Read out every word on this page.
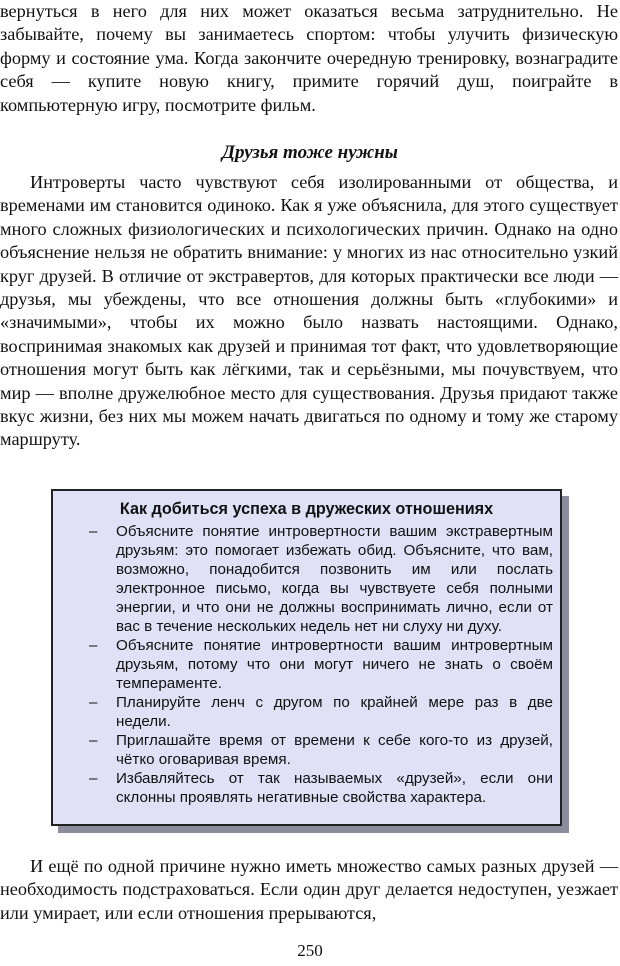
вернуться в него для них может оказаться весьма затруднительно. Не забывайте, почему вы занимаетесь спортом: чтобы улучить физическую форму и состояние ума. Когда закончите очередную тренировку, вознаградите себя — купите новую книгу, примите горячий душ, поиграйте в компьютерную игру, посмотрите фильм.

Друзья тоже нужны

Интроверты часто чувствуют себя изолированными от общества, и временами им становится одиноко. Как я уже объяснила, для этого существует много сложных физиологических и психологических причин. Однако на одно объяснение нельзя не обратить внимание: у многих из нас относительно узкий круг друзей. В отличие от экстравертов, для которых практически все люди — друзья, мы убеждены, что все отношения должны быть «глубокими» и «значимыми», чтобы их можно было назвать настоящими. Однако, воспринимая знакомых как друзей и принимая тот факт, что удовлетворяющие отношения могут быть как лёгкими, так и серьёзными, мы почувствуем, что мир — вполне дружелюбное место для существования. Друзья придают также вкус жизни, без них мы можем начать двигаться по одному и тому же старому маршруту.

Как добиться успеха в дружеских отношениях
– Объясните понятие интровертности вашим экстравертным друзьям: это помогает избежать обид. Объясните, что вам, возможно, понадобится позвонить им или послать электронное письмо, когда вы чувствуете себя полными энергии, и что они не должны воспринимать лично, если от вас в течение нескольких недель нет ни слуху ни духу.
– Объясните понятие интровертности вашим интровертным друзьям, потому что они могут ничего не знать о своём темпераменте.
– Планируйте ленч с другом по крайней мере раз в две недели.
– Приглашайте время от времени к себе кого-то из друзей, чётко оговаривая время.
– Избавляйтесь от так называемых «друзей», если они склонны проявлять негативные свойства характера.

И ещё по одной причине нужно иметь множество самых разных друзей — необходимость подстраховаться. Если один друг делается недоступен, уезжает или умирает, или если отношения прерываются,

250
